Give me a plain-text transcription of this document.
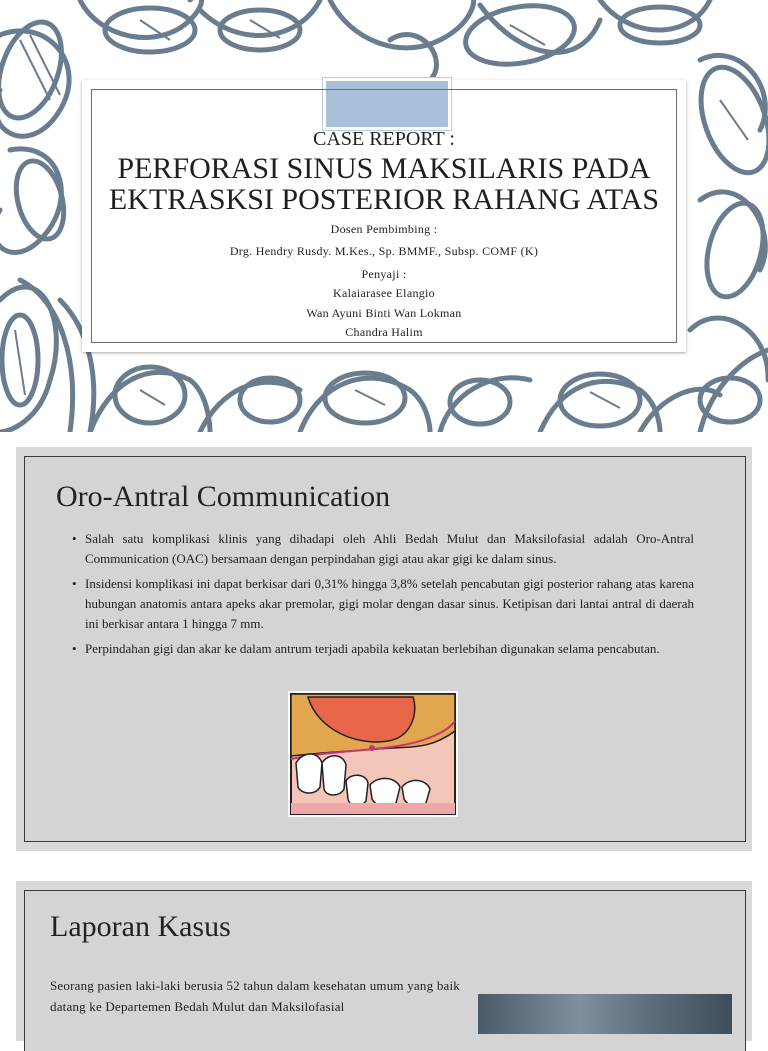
CASE REPORT :
PERFORASI SINUS MAKSILARIS PADA
EKTRASKSI POSTERIOR RAHANG ATAS
Dosen Pembimbing :
Drg. Hendry Rusdy. M.Kes., Sp. BMMF., Subsp. COMF (K)
Penyaji :
Kalaiarasee Elangio
Wan Ayuni Binti Wan Lokman
Chandra Halim
Oro-Antral Communication
• Salah satu komplikasi klinis yang dihadapi oleh Ahli Bedah Mulut dan Maksilofasial adalah Oro-Antral Communication (OAC) bersamaan dengan perpindahan gigi atau akar gigi ke dalam sinus.
• Insidensi komplikasi ini dapat berkisar dari 0,31% hingga 3,8% setelah pencabutan gigi posterior rahang atas karena hubungan anatomis antara apeks akar premolar, gigi molar dengan dasar sinus. Ketipisan dari lantai antral di daerah ini berkisar antara 1 hingga 7 mm.
• Perpindahan gigi dan akar ke dalam antrum terjadi apabila kekuatan berlebihan digunakan selama pencabutan.
Laporan Kasus
Seorang pasien laki-laki berusia 52 tahun dalam kesehatan umum yang baik datang ke Departemen Bedah Mulut dan Maksilofasial
